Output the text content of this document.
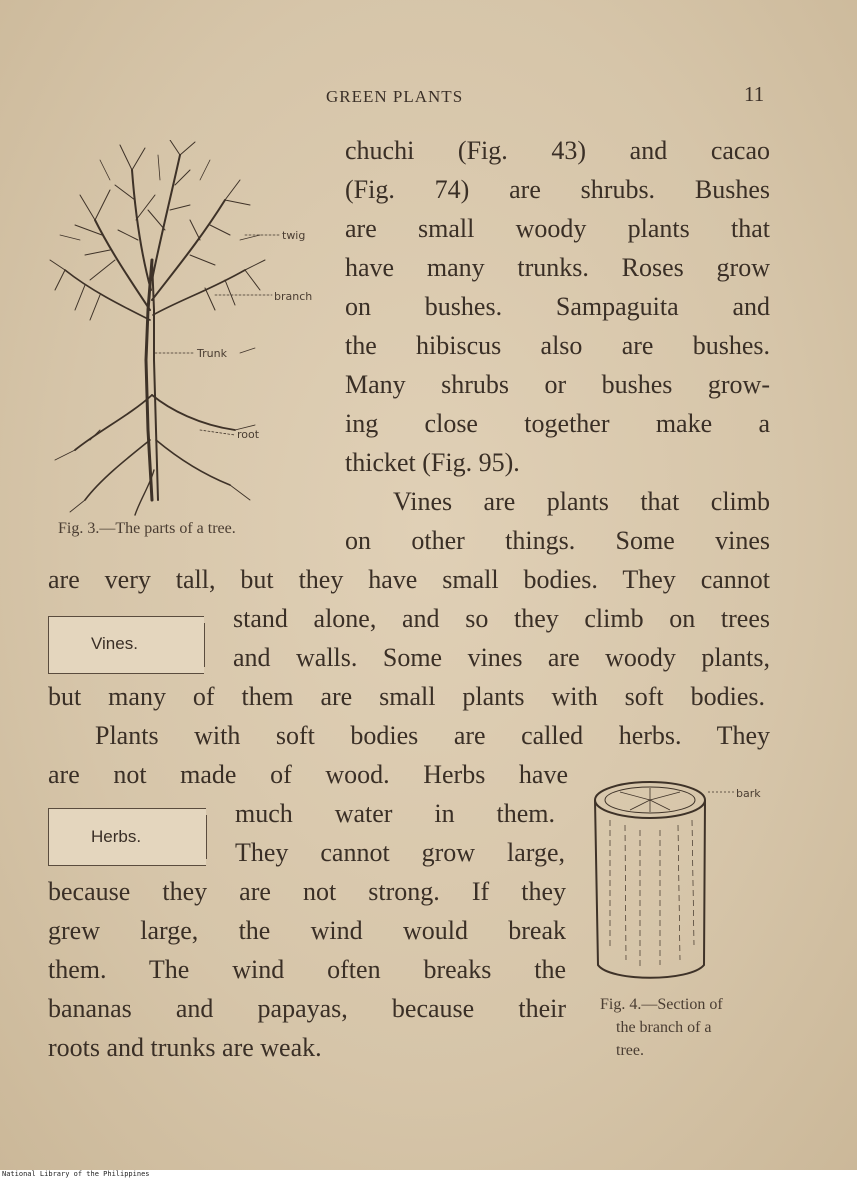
GREEN PLANTS	11
twig
branch
Trunk
root
Fig. 3.—The parts of a tree.
chuchi (Fig. 43) and cacao
(Fig. 74) are shrubs. Bushes
are small woody plants that
have many trunks. Roses grow
on bushes. Sampaguita and
the hibiscus also are bushes.
Many shrubs or bushes grow-
ing close together make a
thicket (Fig. 95).
Vines are plants that climb
on other things. Some vines
are very tall, but they have small bodies. They cannot
Vines.
stand alone, and so they climb on trees
and walls. Some vines are woody plants,
but many of them are small plants with soft bodies.
Plants with soft bodies are called herbs. They
are not made of wood. Herbs have
Herbs.
much water in them.
They cannot grow large,
because they are not strong. If they
grew large, the wind would break
them. The wind often breaks the
bananas and papayas, because their
roots and trunks are weak.
bark
Fig. 4.—Section of
the branch of a
tree.
National Library of the Philippines
